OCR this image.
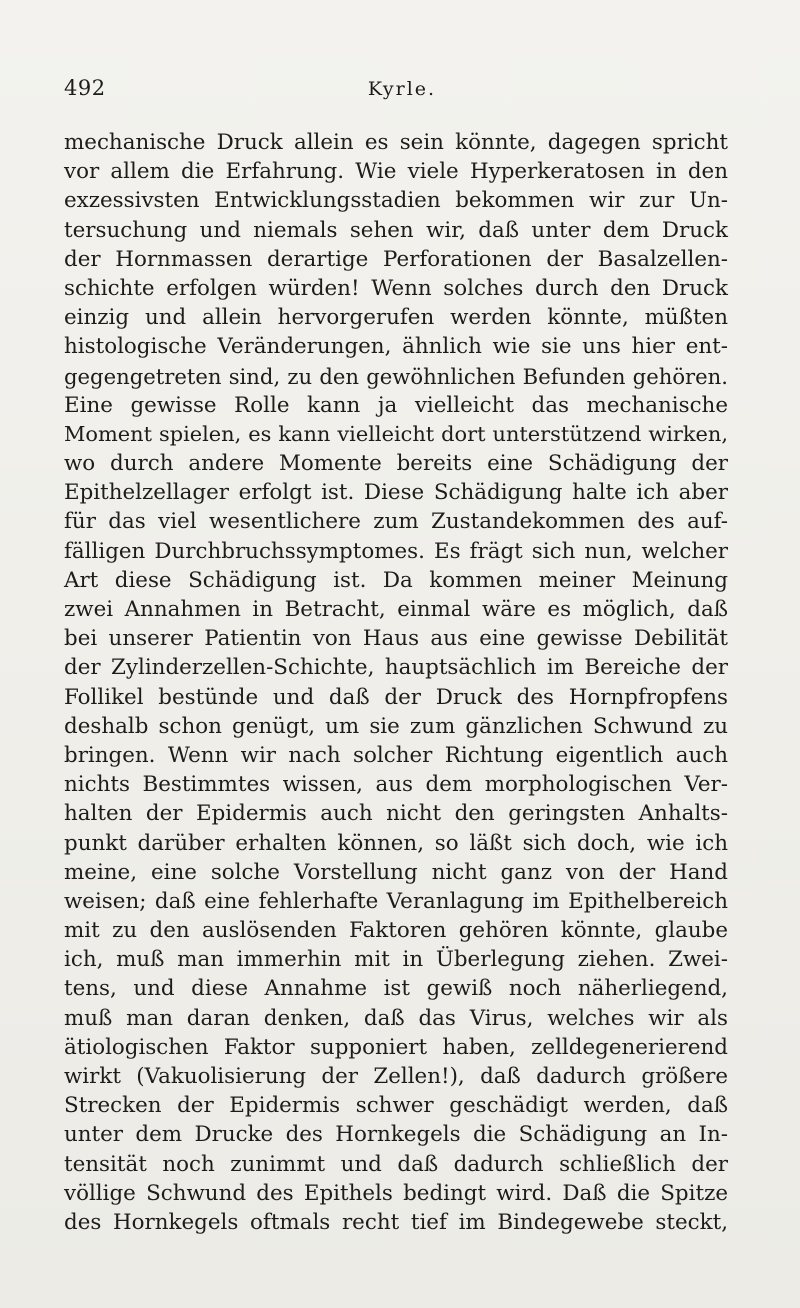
492	Kyrle.
mechanische Druck allein es sein könnte, dagegen spricht
vor allem die Erfahrung. Wie viele Hyperkeratosen in den
exzessivsten Entwicklungsstadien bekommen wir zur Un-
tersuchung und niemals sehen wir, daß unter dem Druck
der Hornmassen derartige Perforationen der Basalzellen-
schichte erfolgen würden! Wenn solches durch den Druck
einzig und allein hervorgerufen werden könnte, müßten
histologische Veränderungen, ähnlich wie sie uns hier ent-
gegengetreten sind, zu den gewöhnlichen Befunden gehören.
Eine gewisse Rolle kann ja vielleicht das mechanische
Moment spielen, es kann vielleicht dort unterstützend wirken,
wo durch andere Momente bereits eine Schädigung der
Epithelzellager erfolgt ist. Diese Schädigung halte ich aber
für das viel wesentlichere zum Zustandekommen des auf-
fälligen Durchbruchssymptomes. Es frägt sich nun, welcher
Art diese Schädigung ist. Da kommen meiner Meinung
zwei Annahmen in Betracht, einmal wäre es möglich, daß
bei unserer Patientin von Haus aus eine gewisse Debilität
der Zylinderzellen-Schichte, hauptsächlich im Bereiche der
Follikel bestünde und daß der Druck des Hornpfropfens
deshalb schon genügt, um sie zum gänzlichen Schwund zu
bringen. Wenn wir nach solcher Richtung eigentlich auch
nichts Bestimmtes wissen, aus dem morphologischen Ver-
halten der Epidermis auch nicht den geringsten Anhalts-
punkt darüber erhalten können, so läßt sich doch, wie ich
meine, eine solche Vorstellung nicht ganz von der Hand
weisen; daß eine fehlerhafte Veranlagung im Epithelbereich
mit zu den auslösenden Faktoren gehören könnte, glaube
ich, muß man immerhin mit in Überlegung ziehen. Zwei-
tens, und diese Annahme ist gewiß noch näherliegend,
muß man daran denken, daß das Virus, welches wir als
ätiologischen Faktor supponiert haben, zelldegenerierend
wirkt (Vakuolisierung der Zellen!), daß dadurch größere
Strecken der Epidermis schwer geschädigt werden, daß
unter dem Drucke des Hornkegels die Schädigung an In-
tensität noch zunimmt und daß dadurch schließlich der
völlige Schwund des Epithels bedingt wird. Daß die Spitze
des Hornkegels oftmals recht tief im Bindegewebe steckt,
